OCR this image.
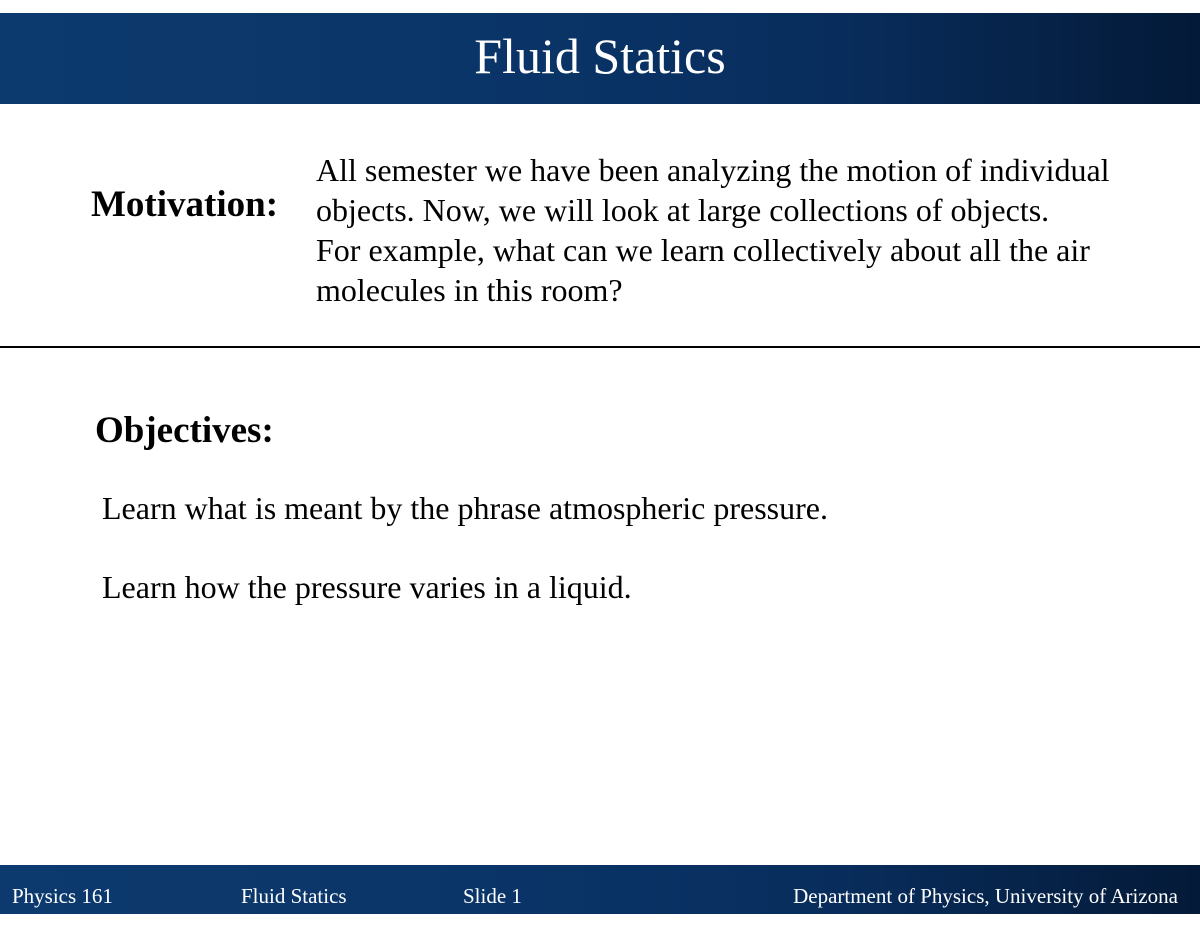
Fluid Statics
Motivation:
All semester we have been analyzing the motion of individual
objects. Now, we will look at large collections of objects.
For example, what can we learn collectively about all the air
molecules in this room?
Objectives:
Learn what is meant by the phrase atmospheric pressure.
Learn how the pressure varies in a liquid.
Physics 161	Fluid Statics	Slide 1	Department of Physics, University of Arizona
